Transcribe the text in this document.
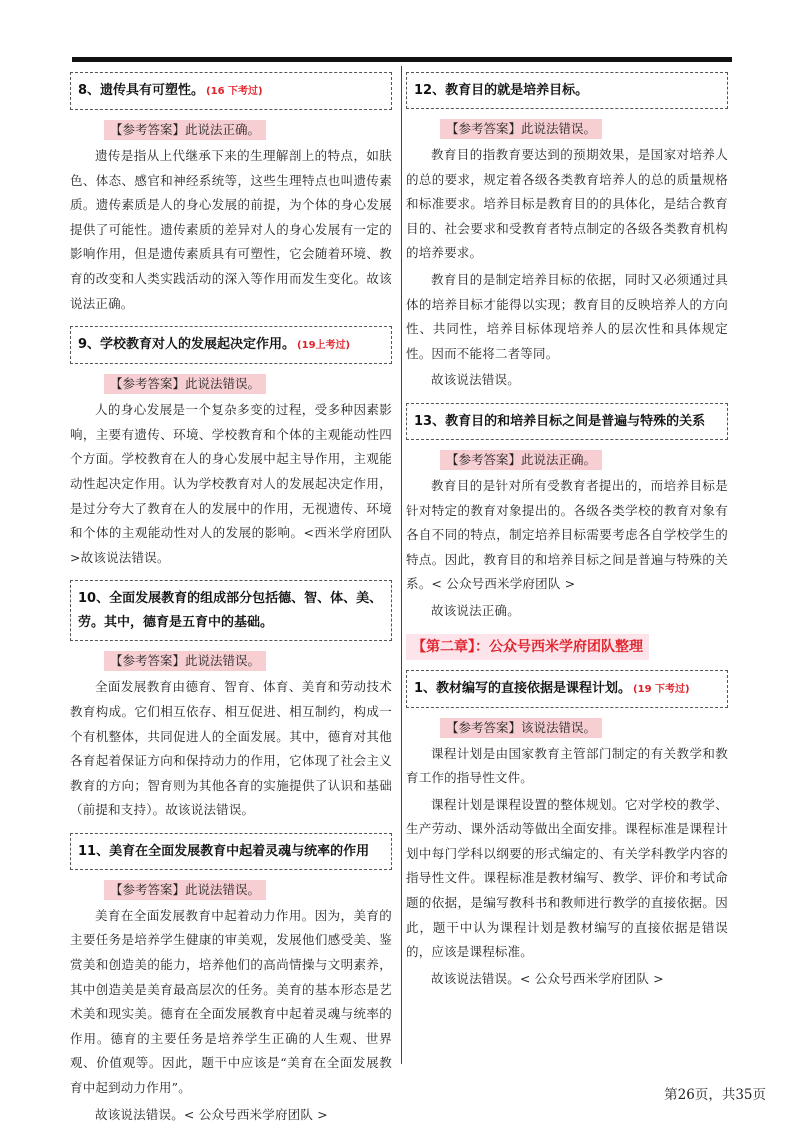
8、遗传具有可塑性。 (16 下考过)
【参考答案】此说法正确。

遗传是指从上代继承下来的生理解剖上的特点，如肤色、体态、感官和神经系统等，这些生理特点也叫遗传素质。遗传素质是人的身心发展的前提，为个体的身心发展提供了可能性。遗传素质的差异对人的身心发展有一定的影响作用，但是遗传素质具有可塑性，它会随着环境、教育的改变和人类实践活动的深入等作用而发生变化。故该说法正确。

9、学校教育对人的发展起决定作用。 (19上考过)
【参考答案】此说法错误。

人的身心发展是一个复杂多变的过程，受多种因素影响，主要有遗传、环境、学校教育和个体的主观能动性四个方面。学校教育在人的身心发展中起主导作用，主观能动性起决定作用。认为学校教育对人的发展起决定作用，是过分夸大了教育在人的发展中的作用，无视遗传、环境和个体的主观能动性对人的发展的影响。<西米学府团队>故该说法错误。

10、全面发展教育的组成部分包括德、智、体、美、劳。其中，德育是五育中的基础。
【参考答案】此说法错误。

全面发展教育由德育、智育、体育、美育和劳动技术教育构成。它们相互依存、相互促进、相互制约，构成一个有机整体，共同促进人的全面发展。其中，德育对其他各育起着保证方向和保持动力的作用，它体现了社会主义教育的方向；智育则为其他各育的实施提供了认识和基础（前提和支持）。故该说法错误。

11、美育在全面发展教育中起着灵魂与统率的作用
【参考答案】此说法错误。

美育在全面发展教育中起着动力作用。因为，美育的主要任务是培养学生健康的审美观，发展他们感受美、鉴赏美和创造美的能力，培养他们的高尚情操与文明素养，其中创造美是美育最高层次的任务。美育的基本形态是艺术美和现实美。德育在全面发展教育中起着灵魂与统率的作用。德育的主要任务是培养学生正确的人生观、世界观、价值观等。因此，题干中应该是“美育在全面发展教育中起到动力作用”。

故该说法错误。< 公众号西米学府团队 >

12、教育目的就是培养目标。
【参考答案】此说法错误。

教育目的指教育要达到的预期效果，是国家对培养人的总的要求，规定着各级各类教育培养人的总的质量规格和标准要求。培养目标是教育目的的具体化，是结合教育目的、社会要求和受教育者特点制定的各级各类教育机构的培养要求。

教育目的是制定培养目标的依据，同时又必须通过具体的培养目标才能得以实现；教育目的反映培养人的方向性、共同性，培养目标体现培养人的层次性和具体规定性。因而不能将二者等同。

故该说法错误。

13、教育目的和培养目标之间是普遍与特殊的关系
【参考答案】此说法正确。

教育目的是针对所有受教育者提出的，而培养目标是针对特定的教育对象提出的。各级各类学校的教育对象有各自不同的特点，制定培养目标需要考虑各自学校学生的特点。因此，教育目的和培养目标之间是普遍与特殊的关系。< 公众号西米学府团队 >

故该说法正确。

【第二章】：公众号西米学府团队整理
1、教材编写的直接依据是课程计划。 (19 下考过)
【参考答案】该说法错误。

课程计划是由国家教育主管部门制定的有关教学和教育工作的指导性文件。

课程计划是课程设置的整体规划。它对学校的教学、生产劳动、课外活动等做出全面安排。课程标准是课程计划中每门学科以纲要的形式编定的、有关学科教学内容的指导性文件。课程标准是教材编写、教学、评价和考试命题的依据，是编写教科书和教师进行教学的直接依据。因此，题干中认为课程计划是教材编写的直接依据是错误的，应该是课程标准。

故该说法错误。< 公众号西米学府团队 >

第26页，共35页
